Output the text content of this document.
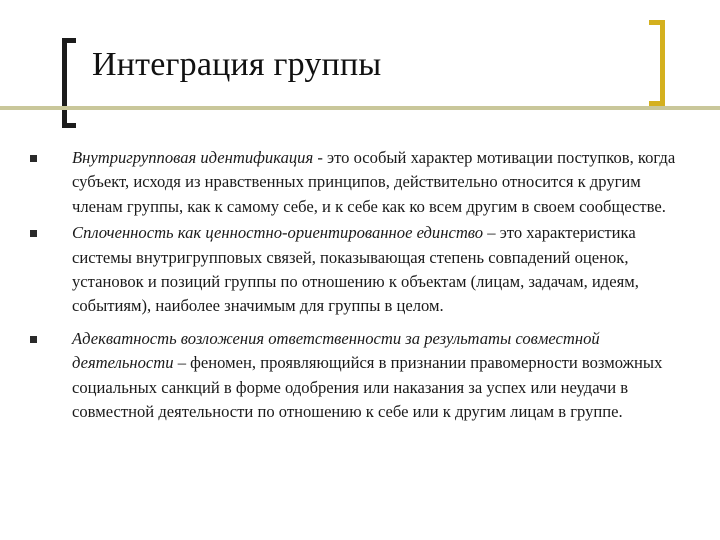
Интеграция группы
Внутригрупповая идентификация - это особый характер мотивации поступков, когда субъект, исходя из нравственных принципов, действительно относится к другим членам группы, как к самому себе, и к себе как ко всем другим в своем сообществе.
Сплоченность как ценностно-ориентированное единство – это характеристика системы внутригрупповых связей, показывающая степень совпадений оценок, установок и позиций группы по отношению к объектам (лицам, задачам, идеям, событиям), наиболее значимым для группы в целом.
Адекватность возложения ответственности за результаты совместной деятельности – феномен, проявляющийся в признании правомерности возможных социальных санкций в форме одобрения или наказания за успех или неудачи в совместной деятельности по отношению к себе или к другим лицам в группе.
